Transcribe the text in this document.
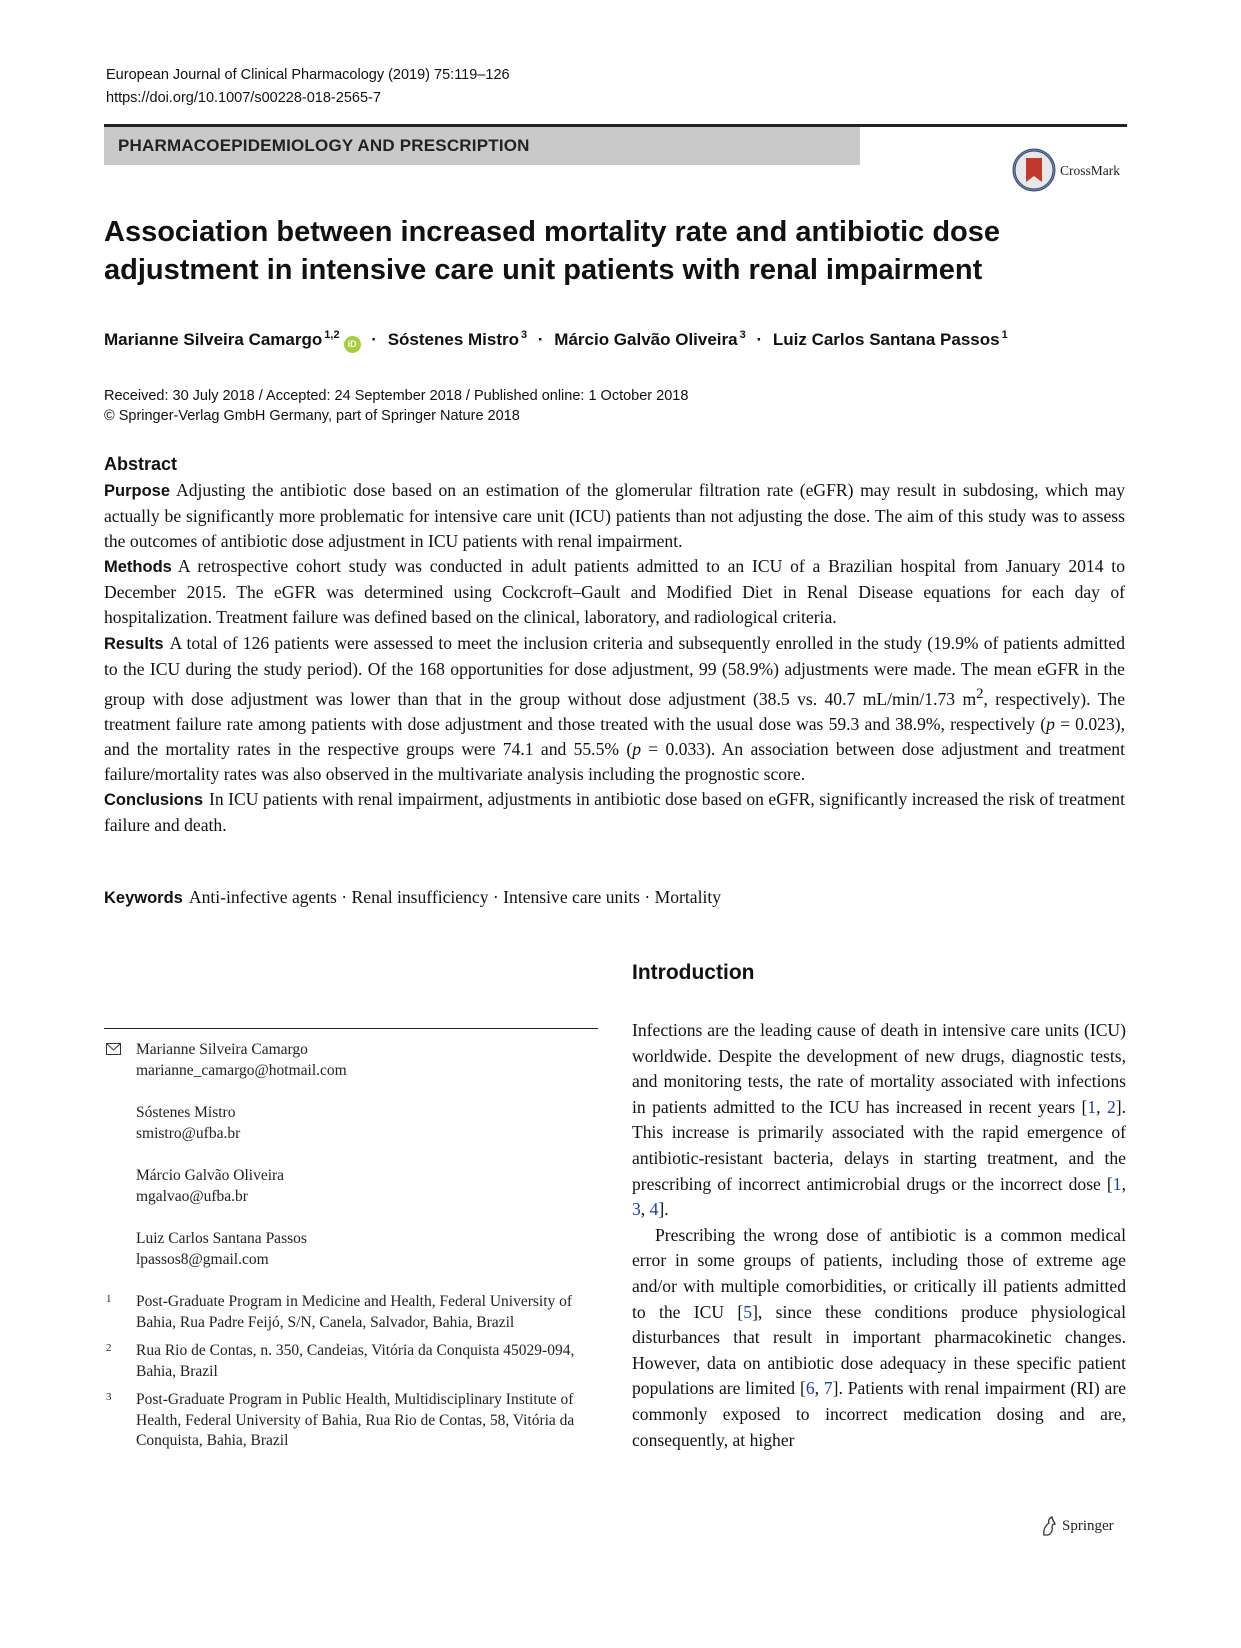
European Journal of Clinical Pharmacology (2019) 75:119–126
https://doi.org/10.1007/s00228-018-2565-7
PHARMACOEPIDEMIOLOGY AND PRESCRIPTION
CrossMark
Association between increased mortality rate and antibiotic dose
adjustment in intensive care unit patients with renal impairment
Marianne Silveira Camargo $^{1,2}$iD · Sóstenes Mistro $^3$ · Márcio Galvão Oliveira $^3$ · Luiz Carlos Santana Passos $^1$
Received: 30 July 2018 / Accepted: 24 September 2018 / Published online: 1 October 2018
© Springer-Verlag GmbH Germany, part of Springer Nature 2018
Abstract

Purpose Adjusting the antibiotic dose based on an estimation of the glomerular filtration rate (eGFR) may result in subdosing, which may actually be significantly more problematic for intensive care unit (ICU) patients than not adjusting the dose. The aim of this study was to assess the outcomes of antibiotic dose adjustment in ICU patients with renal impairment.

Methods A retrospective cohort study was conducted in adult patients admitted to an ICU of a Brazilian hospital from January 2014 to December 2015. The eGFR was determined using Cockcroft–Gault and Modified Diet in Renal Disease equations for each day of hospitalization. Treatment failure was defined based on the clinical, laboratory, and radiological criteria.

Results A total of 126 patients were assessed to meet the inclusion criteria and subsequently enrolled in the study (19.9% of patients admitted to the ICU during the study period). Of the 168 opportunities for dose adjustment, 99 (58.9%) adjustments were made. The mean eGFR in the group with dose adjustment was lower than that in the group without dose adjustment (38.5 vs. 40.7 mL/min/1.73 $m^2$, respectively). The treatment failure rate among patients with dose adjustment and those treated with the usual dose was 59.3 and 38.9%, respectively (p = 0.023), and the mortality rates in the respective groups were 74.1 and 55.5% (p = 0.033). An association between dose adjustment and treatment failure/mortality rates was also observed in the multivariate analysis including the prognostic score.

Conclusions In ICU patients with renal impairment, adjustments in antibiotic dose based on eGFR, significantly increased the risk of treatment failure and death.

Keywords Anti-infective agents · Renal insufficiency · Intensive care units · Mortality
Marianne Silveira Camargo
marianne_camargo@hotmail.com
Sóstenes Mistro
smistro@ufba.br
Márcio Galvão Oliveira
mgalvao@ufba.br
Luiz Carlos Santana Passos
lpassos8@gmail.com
1 Post-Graduate Program in Medicine and Health, Federal University of Bahia, Rua Padre Feijó, S/N, Canela, Salvador, Bahia, Brazil
2 Rua Rio de Contas, n. 350, Candeias, Vitória da Conquista 45029-094, Bahia, Brazil
3 Post-Graduate Program in Public Health, Multidisciplinary Institute of Health, Federal University of Bahia, Rua Rio de Contas, 58, Vitória da Conquista, Bahia, Brazil
Introduction

Infections are the leading cause of death in intensive care units (ICU) worldwide. Despite the development of new drugs, diagnostic tests, and monitoring tests, the rate of mortality associated with infections in patients admitted to the ICU has increased in recent years [1, 2]. This increase is primarily associated with the rapid emergence of antibiotic-resistant bacteria, delays in starting treatment, and the prescribing of incorrect antimicrobial drugs or the incorrect dose [1, 3, 4].

Prescribing the wrong dose of antibiotic is a common medical error in some groups of patients, including those of extreme age and/or with multiple comorbidities, or critically ill patients admitted to the ICU [5], since these conditions produce physiological disturbances that result in important pharmacokinetic changes. However, data on antibiotic dose adequacy in these specific patient populations are limited [6, 7]. Patients with renal impairment (RI) are commonly exposed to incorrect medication dosing and are, consequently, at higher

Springer
